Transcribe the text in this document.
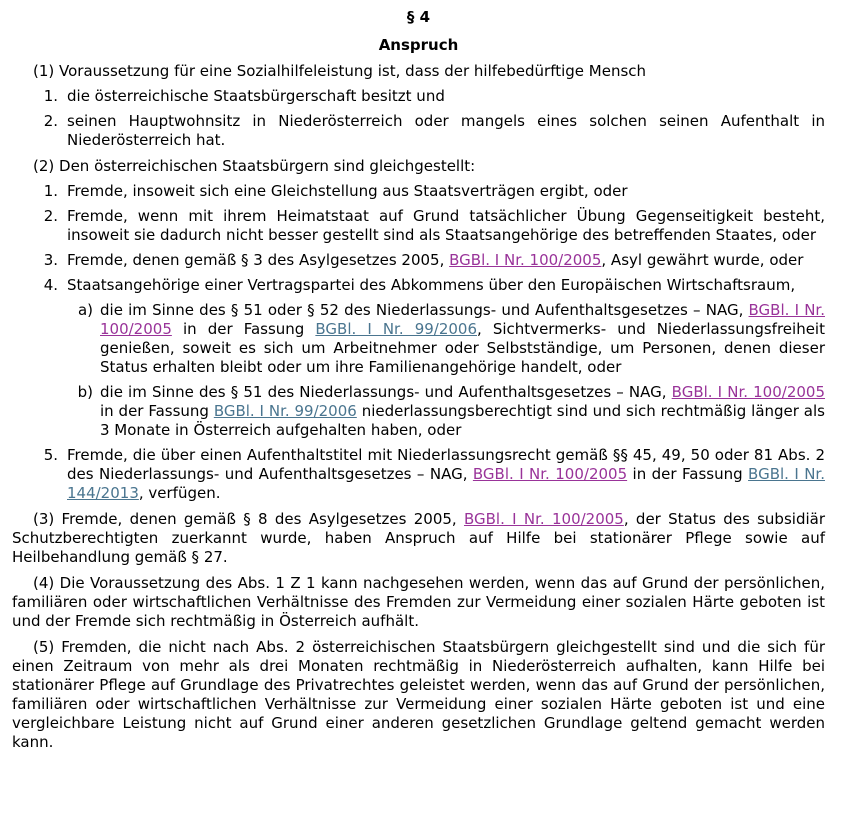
§ 4
Anspruch
(1) Voraussetzung für eine Sozialhilfeleistung ist, dass der hilfebedürftige Mensch
1. die österreichische Staatsbürgerschaft besitzt und
2. seinen Hauptwohnsitz in Niederösterreich oder mangels eines solchen seinen Aufenthalt in Niederösterreich hat.
(2) Den österreichischen Staatsbürgern sind gleichgestellt:
1. Fremde, insoweit sich eine Gleichstellung aus Staatsverträgen ergibt, oder
2. Fremde, wenn mit ihrem Heimatstaat auf Grund tatsächlicher Übung Gegenseitigkeit besteht, insoweit sie dadurch nicht besser gestellt sind als Staatsangehörige des betreffenden Staates, oder
3. Fremde, denen gemäß § 3 des Asylgesetzes 2005, BGBl. I Nr. 100/2005, Asyl gewährt wurde, oder
4. Staatsangehörige einer Vertragspartei des Abkommens über den Europäischen Wirtschaftsraum,
a) die im Sinne des § 51 oder § 52 des Niederlassungs- und Aufenthaltsgesetzes – NAG, BGBl. I Nr. 100/2005 in der Fassung BGBl. I Nr. 99/2006, Sichtvermerks- und Niederlassungsfreiheit genießen, soweit es sich um Arbeitnehmer oder Selbstständige, um Personen, denen dieser Status erhalten bleibt oder um ihre Familienangehörige handelt, oder
b) die im Sinne des § 51 des Niederlassungs- und Aufenthaltsgesetzes – NAG, BGBl. I Nr. 100/2005 in der Fassung BGBl. I Nr. 99/2006 niederlassungsberechtigt sind und sich rechtmäßig länger als 3 Monate in Österreich aufgehalten haben, oder
5. Fremde, die über einen Aufenthaltstitel mit Niederlassungsrecht gemäß §§ 45, 49, 50 oder 81 Abs. 2 des Niederlassungs- und Aufenthaltsgesetzes – NAG, BGBl. I Nr. 100/2005 in der Fassung BGBl. I Nr. 144/2013, verfügen.
(3) Fremde, denen gemäß § 8 des Asylgesetzes 2005, BGBl. I Nr. 100/2005, der Status des subsidiär Schutzberechtigten zuerkannt wurde, haben Anspruch auf Hilfe bei stationärer Pflege sowie auf Heilbehandlung gemäß § 27.
(4) Die Voraussetzung des Abs. 1 Z 1 kann nachgesehen werden, wenn das auf Grund der persönlichen, familiären oder wirtschaftlichen Verhältnisse des Fremden zur Vermeidung einer sozialen Härte geboten ist und der Fremde sich rechtmäßig in Österreich aufhält.
(5) Fremden, die nicht nach Abs. 2 österreichischen Staatsbürgern gleichgestellt sind und die sich für einen Zeitraum von mehr als drei Monaten rechtmäßig in Niederösterreich aufhalten, kann Hilfe bei stationärer Pflege auf Grundlage des Privatrechtes geleistet werden, wenn das auf Grund der persönlichen, familiären oder wirtschaftlichen Verhältnisse zur Vermeidung einer sozialen Härte geboten ist und eine vergleichbare Leistung nicht auf Grund einer anderen gesetzlichen Grundlage geltend gemacht werden kann.
